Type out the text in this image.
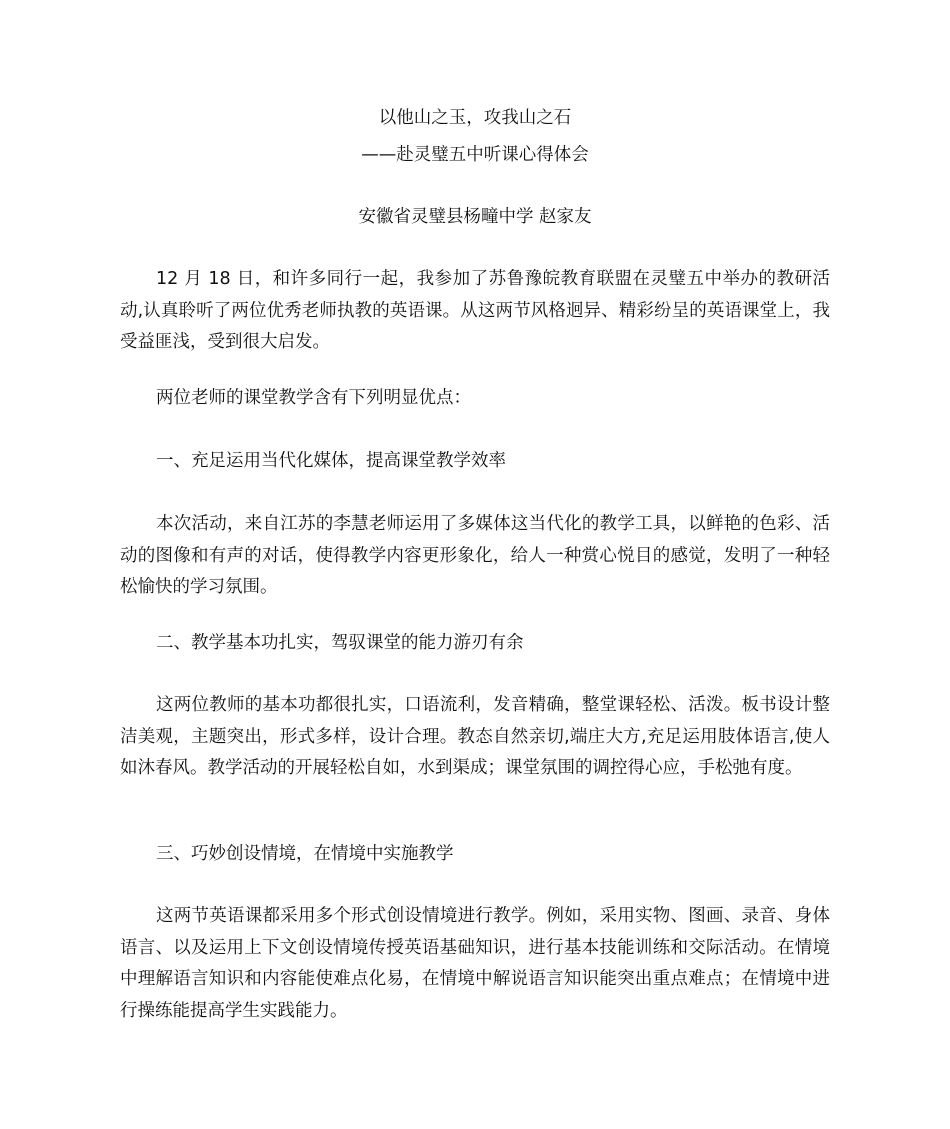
以他山之玉，攻我山之石

——赴灵璧五中听课心得体会

安徽省灵璧县杨疃中学 赵家友

12 月 18 日，和许多同行一起，我参加了苏鲁豫皖教育联盟在灵璧五中举办的教研活动,认真聆听了两位优秀老师执教的英语课。从这两节风格迥异、精彩纷呈的英语课堂上，我受益匪浅，受到很大启发。

两位老师的课堂教学含有下列明显优点：

一、充足运用当代化媒体，提高课堂教学效率

本次活动，来自江苏的李慧老师运用了多媒体这当代化的教学工具，以鲜艳的色彩、活动的图像和有声的对话，使得教学内容更形象化，给人一种赏心悦目的感觉，发明了一种轻松愉快的学习氛围。

二、教学基本功扎实，驾驭课堂的能力游刃有余

这两位教师的基本功都很扎实，口语流利，发音精确，整堂课轻松、活泼。板书设计整洁美观，主题突出，形式多样，设计合理。教态自然亲切,端庄大方,充足运用肢体语言,使人如沐春风。教学活动的开展轻松自如，水到渠成；课堂氛围的调控得心应，手松弛有度。

三、巧妙创设情境，在情境中实施教学

这两节英语课都采用多个形式创设情境进行教学。例如，采用实物、图画、录音、身体语言、以及运用上下文创设情境传授英语基础知识，进行基本技能训练和交际活动。在情境中理解语言知识和内容能使难点化易，在情境中解说语言知识能突出重点难点；在情境中进行操练能提高学生实践能力。
